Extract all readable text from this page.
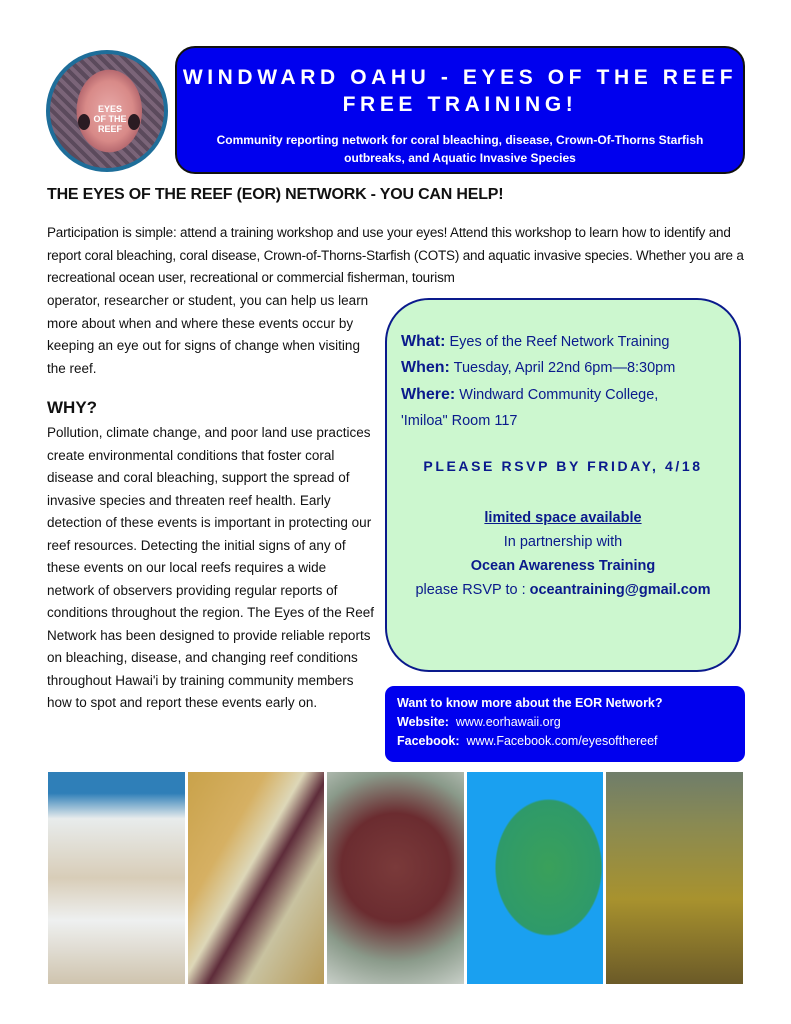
EYES
OF THE
REEF
WINDWARD OAHU - EYES OF THE REEF
FREE TRAINING!
Community reporting network for coral bleaching, disease, Crown-Of-Thorns Starfish outbreaks, and Aquatic Invasive Species
THE EYES OF THE REEF (EOR) NETWORK - YOU CAN HELP!
Participation is simple: attend a training workshop and use your eyes! Attend this workshop to learn how to identify and report coral bleaching, coral disease, Crown-of-Thorns-Starfish (COTS) and aquatic invasive species. Whether you are a recreational ocean user, recreational or commercial fisherman, tourism
operator, researcher or student, you can help us learn more about when and where these events occur by keeping an eye out for signs of change when visiting the reef.
WHY?
Pollution, climate change, and poor land use practices create environmental conditions that foster coral disease and coral bleaching, support the spread of invasive species and threaten reef health. Early detection of these events is important in protecting our reef resources. Detecting the initial signs of any of these events on our local reefs requires a wide network of observers providing regular reports of conditions throughout the region. The Eyes of the Reef Network has been designed to provide reliable reports on bleaching, disease, and changing reef conditions throughout Hawai'i by training community members how to spot and report these events early on.
What: Eyes of the Reef Network Training
When: Tuesday, April 22nd 6pm—8:30pm
Where: Windward Community College,
'Imiloa" Room 117
PLEASE RSVP BY FRIDAY, 4/18
limited space available
In partnership with
Ocean Awareness Training
please RSVP to : oceantraining@gmail.com
Want to know more about the EOR Network?
Website: www.eorhawaii.org
Facebook: www.Facebook.com/eyesofthereef
